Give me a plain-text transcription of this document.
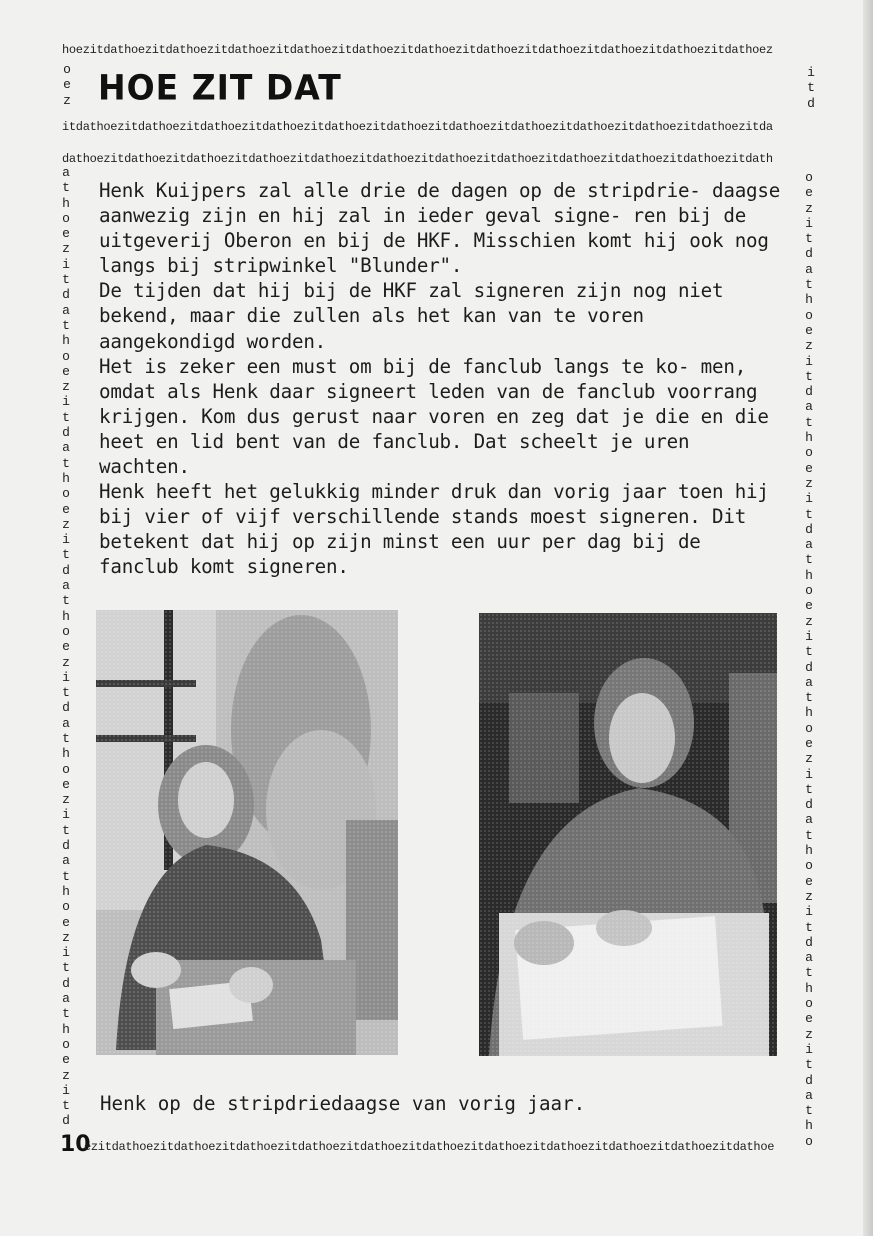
hoezitdathoezitdathoezitdathoezitdathoezitdathoezitdathoezitdathoezitdathoezitdathoezitdathoezitdathoez
oez
itd
HOE ZIT DAT
itdathoezitdathoezitdathoezitdathoezitdathoezitdathoezitdathoezitdathoezitdathoezitdathoezitdathoezitda
dathoezitdathoezitdathoezitdathoezitdathoezitdathoezitdathoezitdathoezitdathoezitdathoezitdathoezitdath
athoezitdathoezitdathoezitdathoezitdathoezitdathoezitdathoezitd
oezitdathoezitdathoezitdathoezitdathoezitdathoezitdathoezitdatho

Henk Kuijpers zal alle drie de dagen op de stripdrie- daagse aanwezig zijn en hij zal in ieder geval signe- ren bij de uitgeverij Oberon en bij de HKF. Misschien komt hij ook nog langs bij stripwinkel "Blunder".

De tijden dat hij bij de HKF zal signeren zijn nog niet bekend, maar die zullen als het kan van te voren aangekondigd worden.

Het is zeker een must om bij de fanclub langs te ko- men, omdat als Henk daar signeert leden van de fanclub voorrang krijgen. Kom dus gerust naar voren en zeg dat je die en die heet en lid bent van de fanclub. Dat scheelt je uren wachten.

Henk heeft het gelukkig minder druk dan vorig jaar toen hij bij vier of vijf verschillende stands moest signeren. Dit betekent dat hij op zijn minst een uur per dag bij de fanclub komt signeren.

Henk op de stripdriedaagse van vorig jaar.
10
ezitdathoezitdathoezitdathoezitdathoezitdathoezitdathoezitdathoezitdathoezitdathoezitdathoezitdathoe
